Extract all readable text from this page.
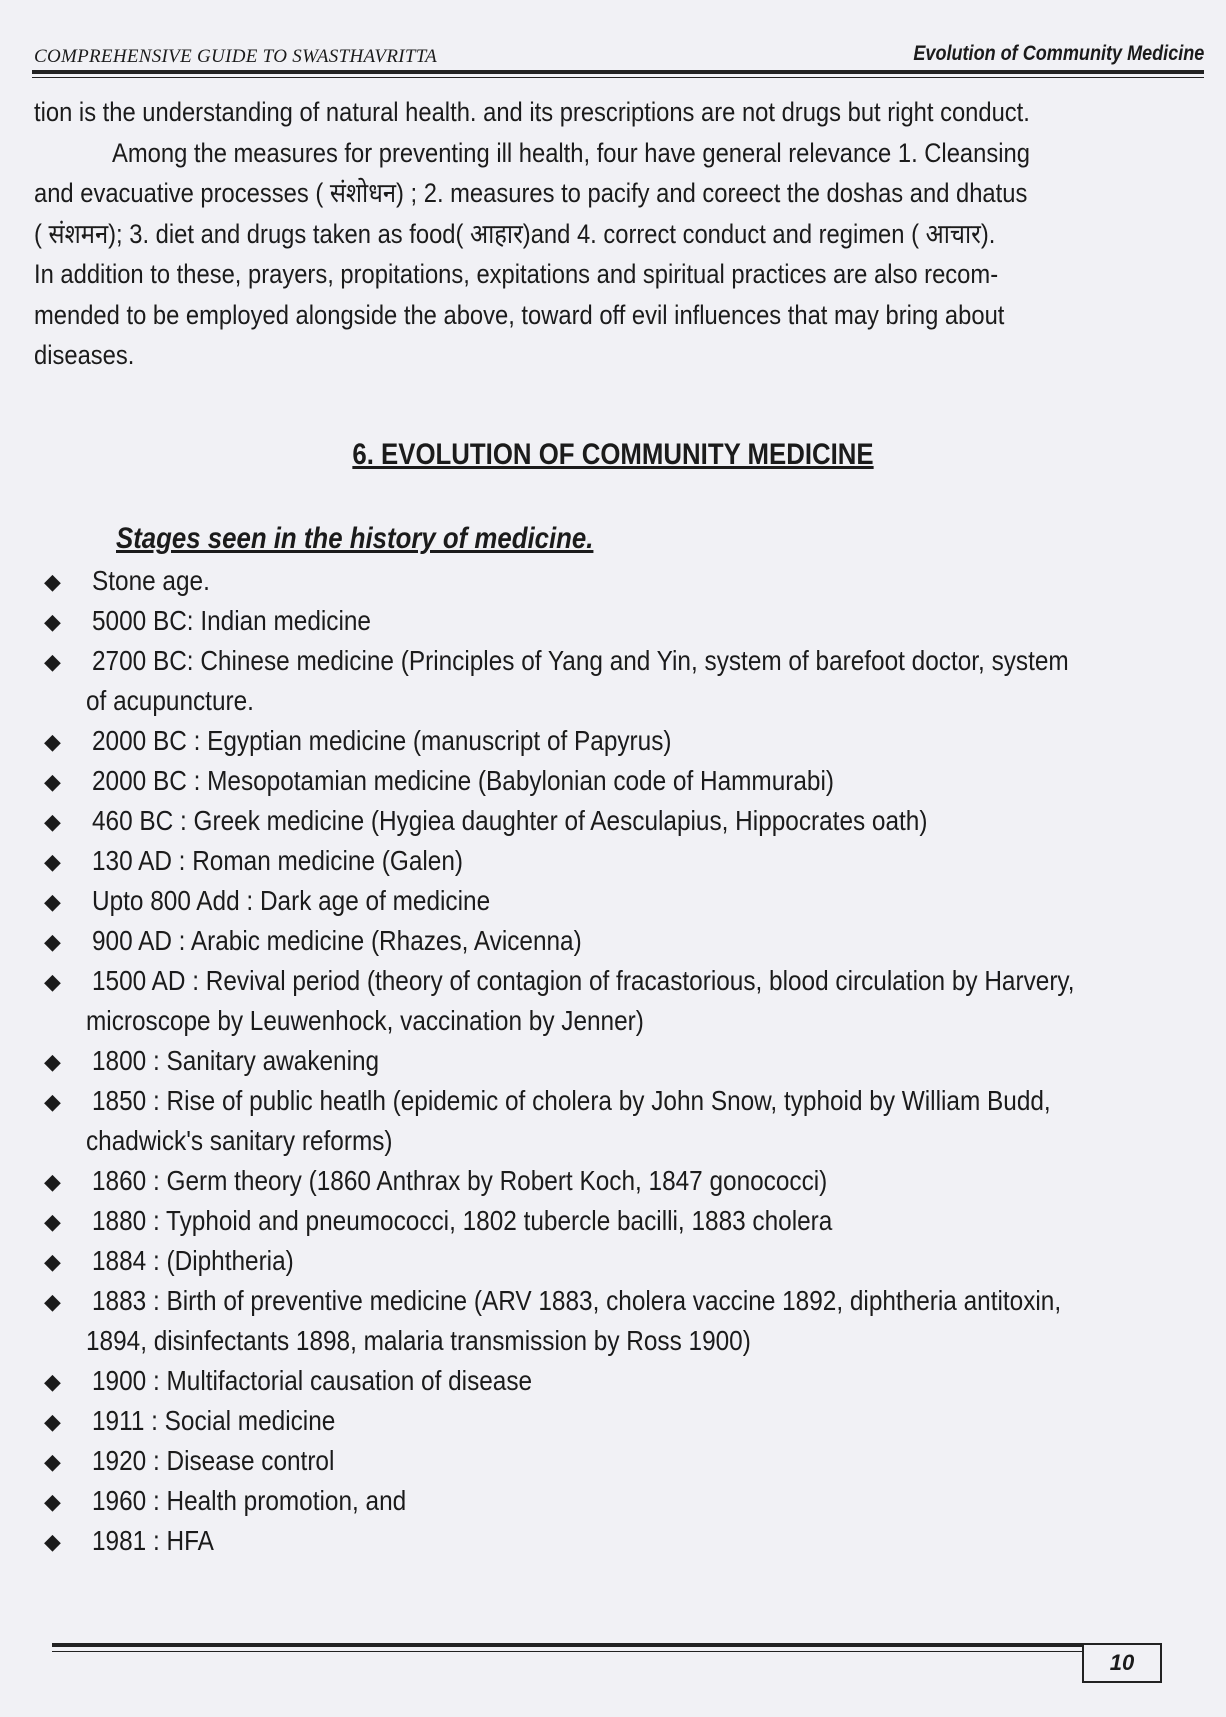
COMPREHENSIVE GUIDE TO SWASTHAVRITTA	Evolution of Community Medicine

tion is the understanding of natural health. and its prescriptions are not drugs but right conduct.

Among the measures for preventing ill health, four have general relevance 1. Cleansing
and evacuative processes ( संशोधन) ; 2. measures to pacify and coreect the doshas and dhatus
( संशमन); 3. diet and drugs taken as food( आहार)and 4. correct conduct and regimen ( आचार).
In addition to these, prayers, propitations, expitations and spiritual practices are also recom-
mended to be employed alongside the above, toward off evil influences that may bring about
diseases.
6. EVOLUTION OF COMMUNITY MEDICINE
Stages seen in the history of medicine.
◆ Stone age.
◆ 5000 BC: Indian medicine
◆ 2700 BC: Chinese medicine (Principles of Yang and Yin, system of barefoot doctor, system
of acupuncture.
◆ 2000 BC : Egyptian medicine (manuscript of Papyrus)
◆ 2000 BC : Mesopotamian medicine (Babylonian code of Hammurabi)
◆ 460 BC : Greek medicine (Hygiea daughter of Aesculapius, Hippocrates oath)
◆ 130 AD : Roman medicine (Galen)
◆ Upto 800 Add : Dark age of medicine
◆ 900 AD : Arabic medicine (Rhazes, Avicenna)
◆ 1500 AD : Revival period (theory of contagion of fracastorious, blood circulation by Harvery,
microscope by Leuwenhock, vaccination by Jenner)
◆ 1800 : Sanitary awakening
◆ 1850 : Rise of public heatlh (epidemic of cholera by John Snow, typhoid by William Budd,
chadwick's sanitary reforms)
◆ 1860 : Germ theory (1860 Anthrax by Robert Koch, 1847 gonococci)
◆ 1880 : Typhoid and pneumococci, 1802 tubercle bacilli, 1883 cholera
◆ 1884 : (Diphtheria)
◆ 1883 : Birth of preventive medicine (ARV 1883, cholera vaccine 1892, diphtheria antitoxin,
1894, disinfectants 1898, malaria transmission by Ross 1900)
◆ 1900 : Multifactorial causation of disease
◆ 1911 : Social medicine
◆ 1920 : Disease control
◆ 1960 : Health promotion, and
◆ 1981 : HFA
10
